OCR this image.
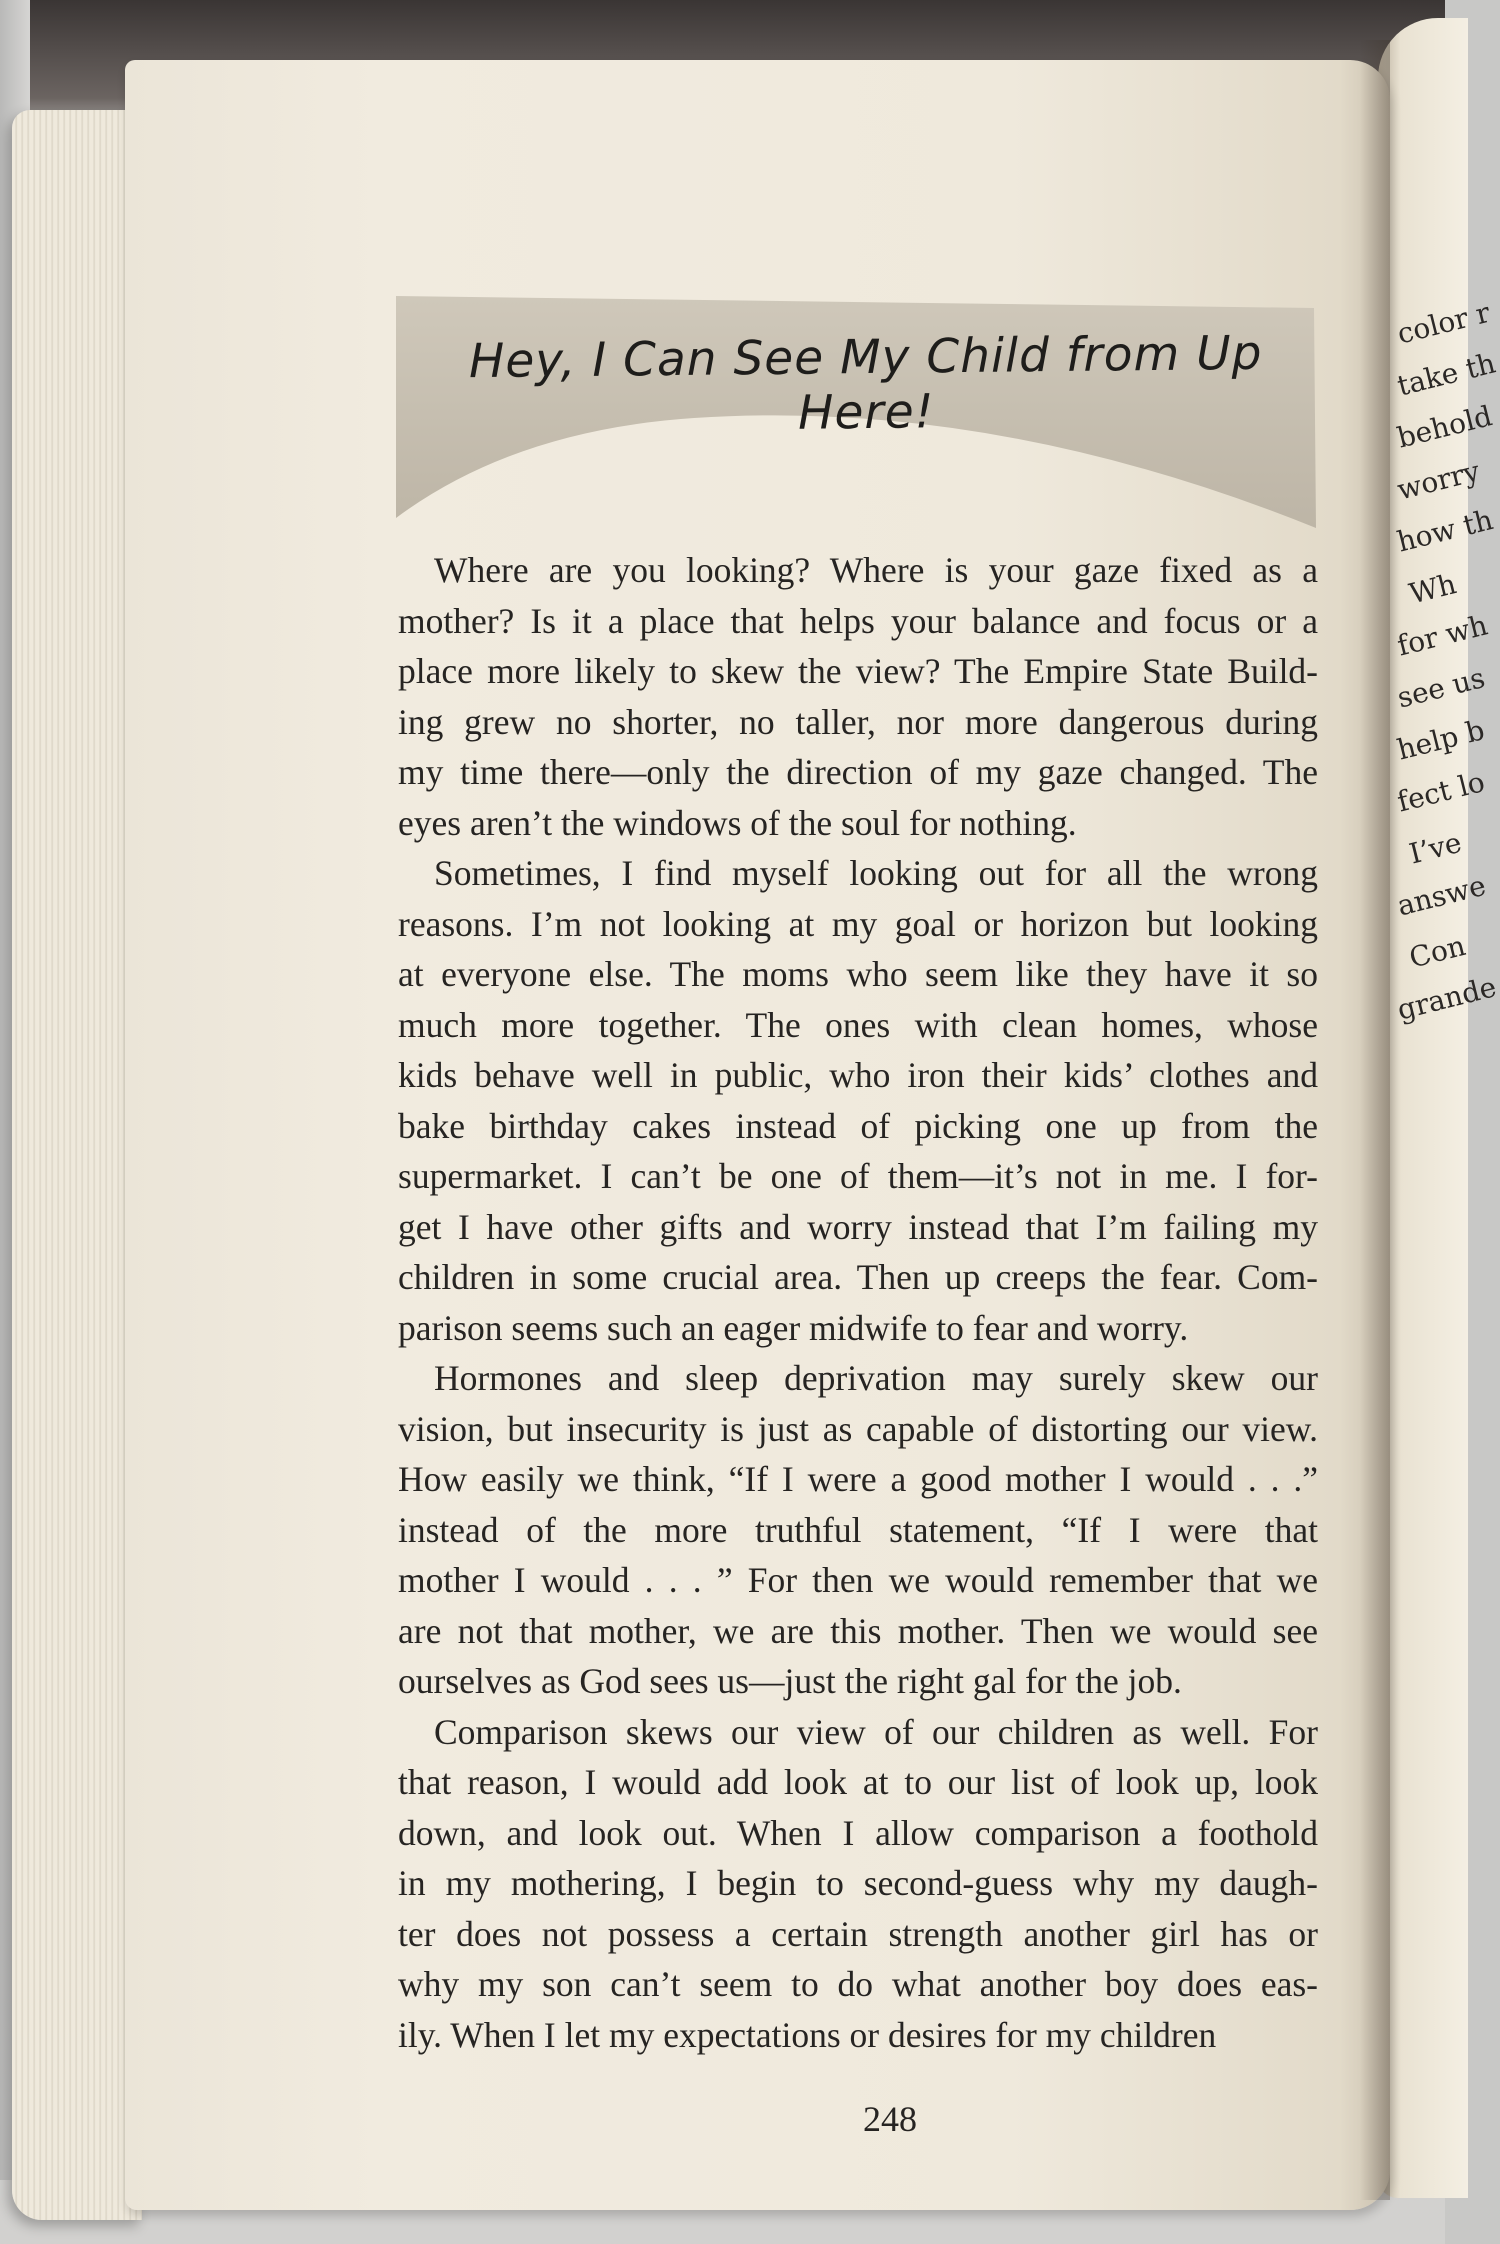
color r
take th
behold
worry
how th
Wh
for wh
see us
help b
fect lo
I’ve
answe
Con
grande
Hey, I Can See My Child from Up Here!
Where are you looking? Where is your gaze fixed as a
mother? Is it a place that helps your balance and focus or a
place more likely to skew the view? The Empire State Build-
ing grew no shorter, no taller, nor more dangerous during
my time there—only the direction of my gaze changed. The
eyes aren’t the windows of the soul for nothing.
Sometimes, I find myself looking out for all the wrong
reasons. I’m not looking at my goal or horizon but looking
at everyone else. The moms who seem like they have it so
much more together. The ones with clean homes, whose
kids behave well in public, who iron their kids’ clothes and
bake birthday cakes instead of picking one up from the
supermarket. I can’t be one of them—it’s not in me. I for-
get I have other gifts and worry instead that I’m failing my
children in some crucial area. Then up creeps the fear. Com-
parison seems such an eager midwife to fear and worry.
Hormones and sleep deprivation may surely skew our
vision, but insecurity is just as capable of distorting our view.
How easily we think, “If I were a good mother I would . . .”
instead of the more truthful statement, “If I were that
mother I would . . . ” For then we would remember that we
are not that mother, we are this mother. Then we would see
ourselves as God sees us—just the right gal for the job.
Comparison skews our view of our children as well. For
that reason, I would add look at to our list of look up, look
down, and look out. When I allow comparison a foothold
in my mothering, I begin to second-guess why my daugh-
ter does not possess a certain strength another girl has or
why my son can’t seem to do what another boy does eas-
ily. When I let my expectations or desires for my children
248
